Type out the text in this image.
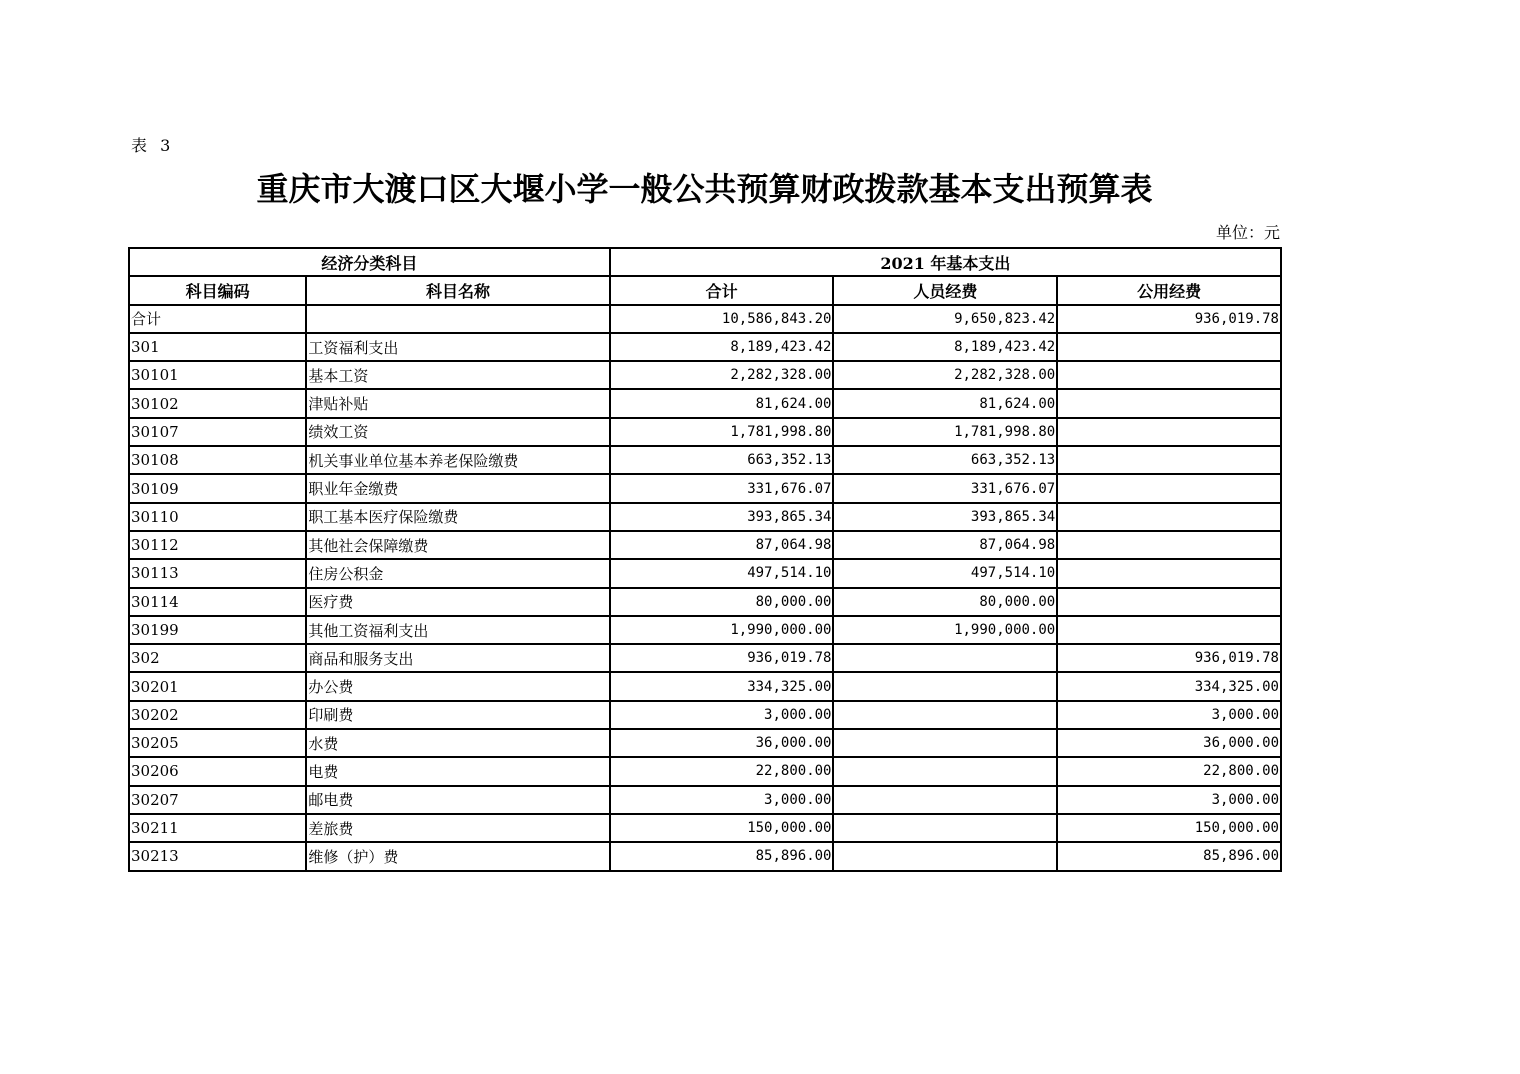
表 3
重庆市大渡口区大堰小学一般公共预算财政拨款基本支出预算表
单位：元
经济分类科目		2021 年基本支出		
科目编码	科目名称	合计	人员经费	公用经费
合计		10,586,843.20	9,650,823.42	936,019.78
301	工资福利支出	8,189,423.42	8,189,423.42	
30101	基本工资	2,282,328.00	2,282,328.00	
30102	津贴补贴	81,624.00	81,624.00	
30107	绩效工资	1,781,998.80	1,781,998.80	
30108	机关事业单位基本养老保险缴费	663,352.13	663,352.13	
30109	职业年金缴费	331,676.07	331,676.07	
30110	职工基本医疗保险缴费	393,865.34	393,865.34	
30112	其他社会保障缴费	87,064.98	87,064.98	
30113	住房公积金	497,514.10	497,514.10	
30114	医疗费	80,000.00	80,000.00	
30199	其他工资福利支出	1,990,000.00	1,990,000.00	
302	商品和服务支出	936,019.78		936,019.78
30201	办公费	334,325.00		334,325.00
30202	印刷费	3,000.00		3,000.00
30205	水费	36,000.00		36,000.00
30206	电费	22,800.00		22,800.00
30207	邮电费	3,000.00		3,000.00
30211	差旅费	150,000.00		150,000.00
30213	维修（护）费	85,896.00		85,896.00
